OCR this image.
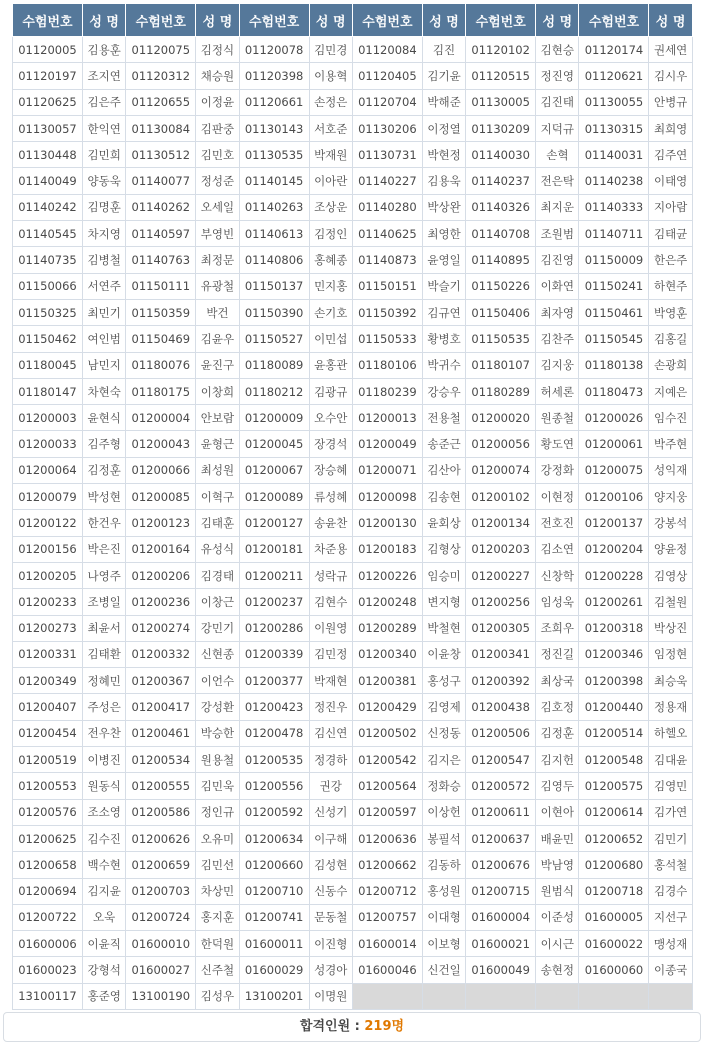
수험번호	성 명	수험번호	성 명	수험번호	성 명	수험번호	성 명	수험번호	성 명	수험번호	성 명
01120005	김용훈	01120075	김정식	01120078	김민경	01120084	김진	01120102	김현승	01120174	권세연
01120197	조지연	01120312	채승원	01120398	이용혁	01120405	김기윤	01120515	정진영	01120621	김시우
01120625	김은주	01120655	이정윤	01120661	손정은	01120704	박해준	01130005	김진태	01130055	안병규
01130057	한익연	01130084	김판중	01130143	서호준	01130206	이정열	01130209	지덕규	01130315	최희영
01130448	김민희	01130512	김민호	01130535	박재원	01130731	박현정	01140030	손혁	01140031	김주연
01140049	양동욱	01140077	정성준	01140145	이아란	01140227	김용욱	01140237	전은탁	01140238	이태영
01140242	김명훈	01140262	오세일	01140263	조상운	01140280	박상완	01140326	최지운	01140333	지아람
01140545	차지영	01140597	부영빈	01140613	김정인	01140625	최영한	01140708	조원범	01140711	김태균
01140735	김병철	01140763	최정문	01140806	홍혜종	01140873	윤영일	01140895	김진영	01150009	한은주
01150066	서연주	01150111	유광철	01150137	민지홍	01150151	박슬기	01150226	이화연	01150241	하현주
01150325	최민기	01150359	박건	01150390	손기호	01150392	김규연	01150406	최자영	01150461	박영훈
01150462	여인범	01150469	김윤우	01150527	이민섭	01150533	황병호	01150535	김찬주	01150545	김홍길
01180045	남민지	01180076	윤진구	01180089	윤홍관	01180106	박귀수	01180107	김지웅	01180138	손광희
01180147	차현숙	01180175	이창희	01180212	김광규	01180239	강승우	01180289	허세론	01180473	지예은
01200003	윤현식	01200004	안보람	01200009	오수안	01200013	전용철	01200020	원종철	01200026	임수진
01200033	김주형	01200043	윤형근	01200045	장경석	01200049	송준근	01200056	황도연	01200061	박주현
01200064	김정훈	01200066	최성원	01200067	장승혜	01200071	김산아	01200074	강정화	01200075	성익재
01200079	박성현	01200085	이혁구	01200089	류성혜	01200098	김송현	01200102	이현정	01200106	양지웅
01200122	한건우	01200123	김태훈	01200127	송윤찬	01200130	윤회상	01200134	전호진	01200137	강봉석
01200156	박은진	01200164	유성식	01200181	차준용	01200183	김형상	01200203	김소연	01200204	양윤정
01200205	나영주	01200206	김경태	01200211	성락규	01200226	임승미	01200227	신창학	01200228	김영상
01200233	조병일	01200236	이창근	01200237	김현수	01200248	변지형	01200256	임성욱	01200261	김철원
01200273	최윤서	01200274	강민기	01200286	이원영	01200289	박철현	01200305	조희우	01200318	박상진
01200331	김태환	01200332	신현종	01200339	김민정	01200340	이윤창	01200341	정진길	01200346	임정현
01200349	정혜민	01200367	이언수	01200377	박재현	01200381	홍성구	01200392	최상국	01200398	최승욱
01200407	주성은	01200417	강성환	01200423	정진우	01200429	김영제	01200438	김호정	01200440	정용재
01200454	전우찬	01200461	박승한	01200478	김신연	01200502	신정동	01200506	김정훈	01200514	하헬오
01200519	이병진	01200534	원용철	01200535	정경하	01200542	김지은	01200547	김지헌	01200548	김대윤
01200553	원동식	01200555	김민욱	01200556	권강	01200564	정화승	01200572	김영두	01200575	김영민
01200576	조소영	01200586	정인규	01200592	신성기	01200597	이상헌	01200611	이현아	01200614	김가연
01200625	김수진	01200626	오유미	01200634	이구해	01200636	봉필석	01200637	배윤민	01200652	김민기
01200658	백수현	01200659	김민선	01200660	김성현	01200662	김동하	01200676	박남영	01200680	홍석철
01200694	김지윤	01200703	차상민	01200710	신동수	01200712	홍성원	01200715	원범식	01200718	김경수
01200722	오욱	01200724	홍지훈	01200741	문동철	01200757	이대형	01600004	이준성	01600005	지선구
01600006	이윤직	01600010	한덕원	01600011	이진형	01600014	이보형	01600021	이시근	01600022	맹성재
01600023	강형석	01600027	신주철	01600029	성경아	01600046	신건일	01600049	송현정	01600060	이종국
13100117	홍준영	13100190	김성우	13100201	이명원						
합격인원 : 219명
